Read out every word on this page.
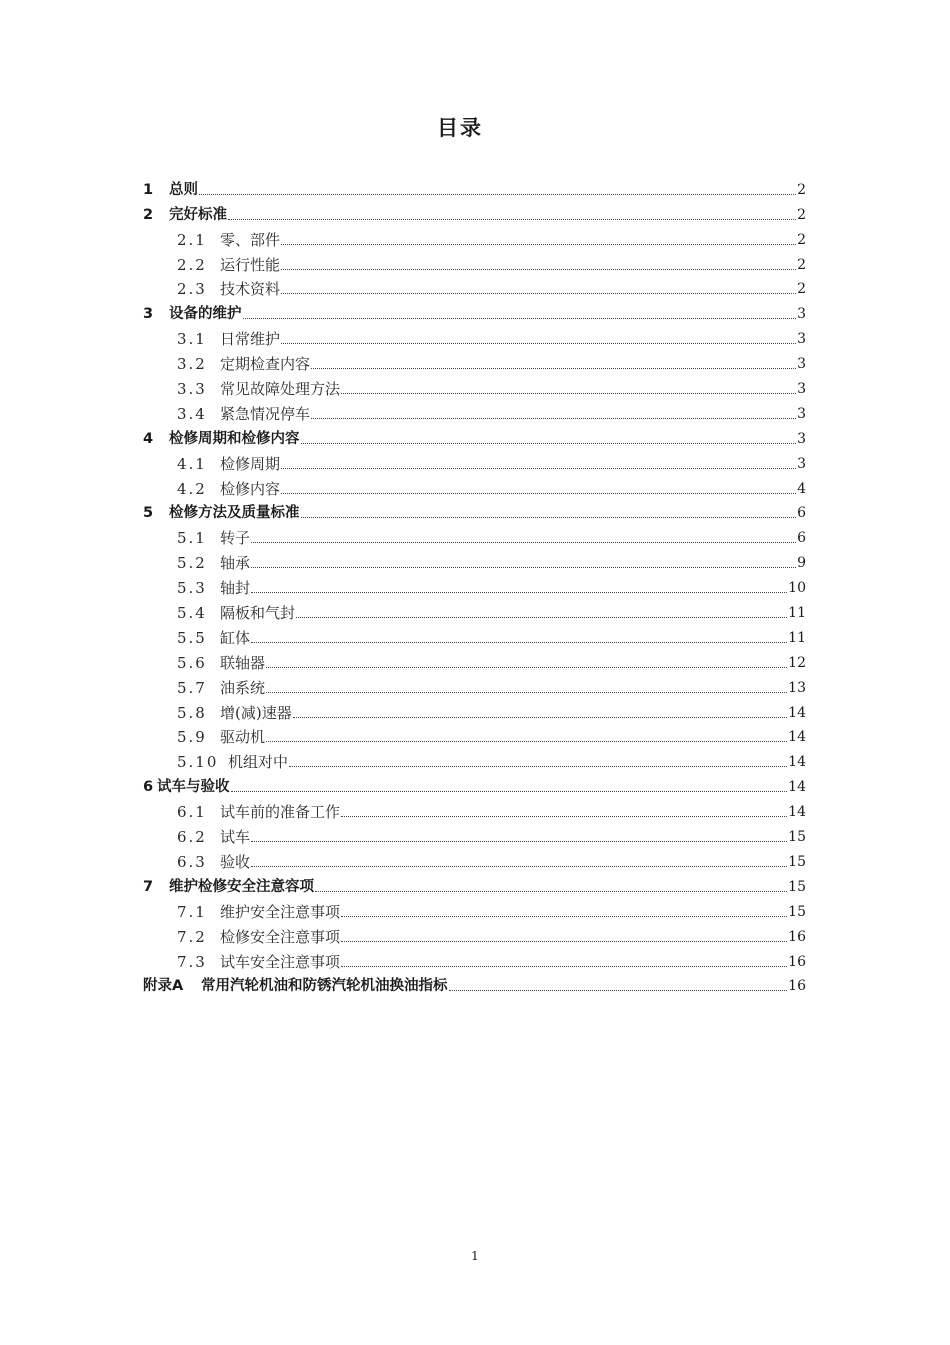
目录
1	总则	2
2	完好标准	2
2.1 零、部件	2
2.2 运行性能	2
2.3 技术资料	2
3	设备的维护	3
3.1 日常维护	3
3.2 定期检查内容	3
3.3 常见故障处理方法	3
3.4 紧急情况停车	3
4	检修周期和检修内容	3
4.1 检修周期	3
4.2 检修内容	4
5	检修方法及质量标准	6
5.1 转子	6
5.2 轴承	9
5.3 轴封	10
5.4 隔板和气封	11
5.5 缸体	11
5.6 联轴器	12
5.7 油系统	13
5.8 增(减)速器	14
5.9 驱动机	14
5.10 机组对中	14
6 试车与验收	14
6.1 试车前的准备工作	14
6.2 试车	15
6.3 验收	15
7	维护检修安全注意容项	15
7.1 维护安全注意事项	15
7.2 检修安全注意事项	16
7.3 试车安全注意事项	16
附录A	常用汽轮机油和防锈汽轮机油换油指标	16
1
